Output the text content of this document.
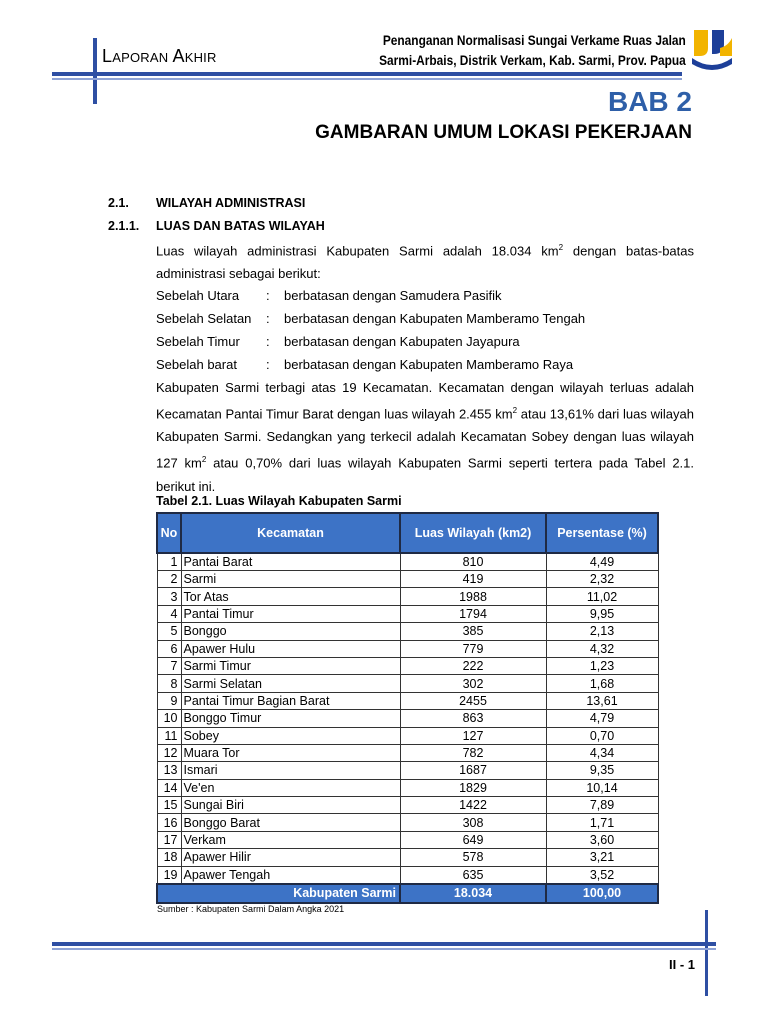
Laporan Akhir
Penanganan Normalisasi Sungai Verkame Ruas Jalan
Sarmi-Arbais, Distrik Verkam, Kab. Sarmi, Prov. Papua
BAB 2
GAMBARAN UMUM LOKASI PEKERJAAN
2.1. WILAYAH ADMINISTRASI
2.1.1. LUAS DAN BATAS WILAYAH
Luas wilayah administrasi Kabupaten Sarmi adalah 18.034 $km^2$ dengan batas-batas administrasi sebagai berikut:
Sebelah Utara : berbatasan dengan Samudera Pasifik
Sebelah Selatan : berbatasan dengan Kabupaten Mamberamo Tengah
Sebelah Timur : berbatasan dengan Kabupaten Jayapura
Sebelah barat : berbatasan dengan Kabupaten Mamberamo Raya
Kabupaten Sarmi terbagi atas 19 Kecamatan. Kecamatan dengan wilayah terluas adalah Kecamatan Pantai Timur Barat dengan luas wilayah 2.455 $km^2$ atau 13,61% dari luas wilayah Kabupaten Sarmi. Sedangkan yang terkecil adalah Kecamatan Sobey dengan luas wilayah 127 $km^2$ atau 0,70% dari luas wilayah Kabupaten Sarmi seperti tertera pada Tabel 2.1. berikut ini.
Tabel 2.1. Luas Wilayah Kabupaten Sarmi
No	Kecamatan	Luas Wilayah (km2)	Persentase (%)
1	Pantai Barat	810	4,49
2	Sarmi	419	2,32
3	Tor Atas	1988	11,02
4	Pantai Timur	1794	9,95
5	Bonggo	385	2,13
6	Apawer Hulu	779	4,32
7	Sarmi Timur	222	1,23
8	Sarmi Selatan	302	1,68
9	Pantai Timur Bagian Barat	2455	13,61
10	Bonggo Timur	863	4,79
11	Sobey	127	0,70
12	Muara Tor	782	4,34
13	Ismari	1687	9,35
14	Ve'en	1829	10,14
15	Sungai Biri	1422	7,89
16	Bonggo Barat	308	1,71
17	Verkam	649	3,60
18	Apawer Hilir	578	3,21
19	Apawer Tengah	635	3,52
Kabupaten Sarmi		18.034	100,00
Sumber : Kabupaten Sarmi Dalam Angka 2021
II - 1
